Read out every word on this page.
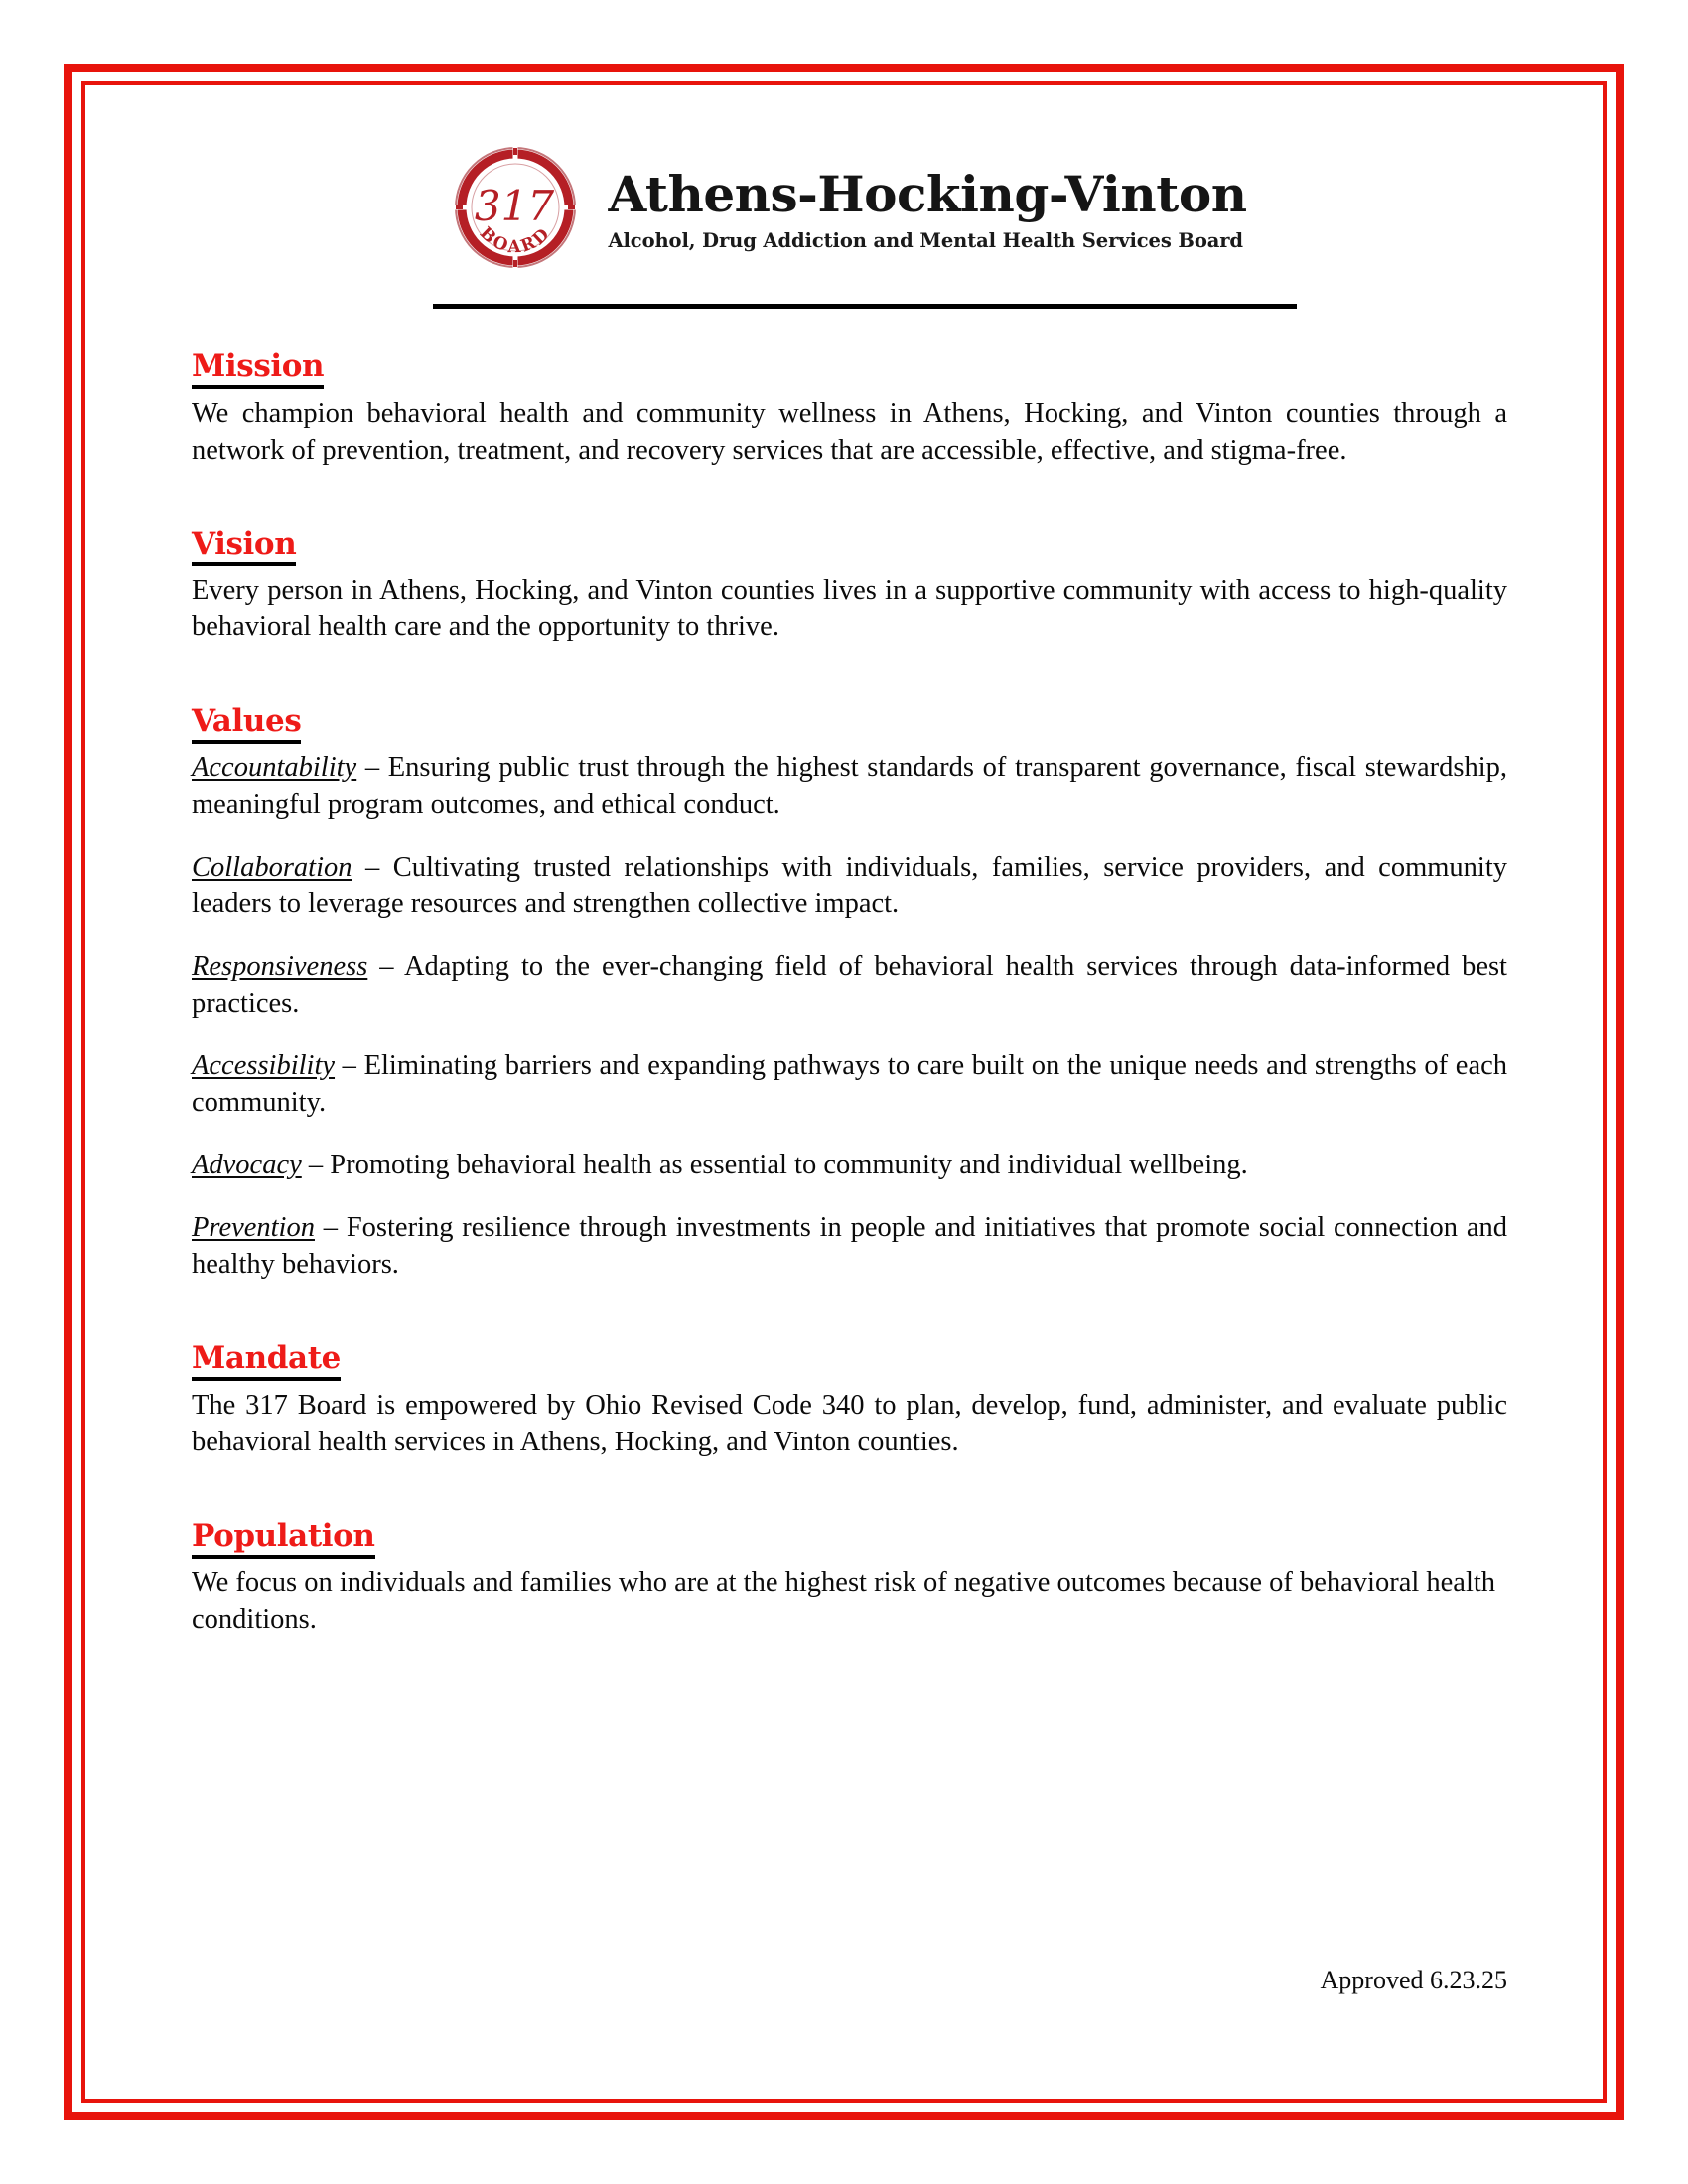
317
BOARD
Athens-Hocking-Vinton
Alcohol, Drug Addiction and Mental Health Services Board
Mission

We champion behavioral health and community wellness in Athens, Hocking, and Vinton counties through a network of prevention, treatment, and recovery services that are accessible, effective, and stigma-free.

Vision

Every person in Athens, Hocking, and Vinton counties lives in a supportive community with access to high-quality behavioral health care and the opportunity to thrive.

Values

Accountability – Ensuring public trust through the highest standards of transparent governance, fiscal stewardship, meaningful program outcomes, and ethical conduct.

Collaboration – Cultivating trusted relationships with individuals, families, service providers, and community leaders to leverage resources and strengthen collective impact.

Responsiveness – Adapting to the ever-changing field of behavioral health services through data-informed best practices.

Accessibility – Eliminating barriers and expanding pathways to care built on the unique needs and strengths of each community.

Advocacy – Promoting behavioral health as essential to community and individual wellbeing.

Prevention – Fostering resilience through investments in people and initiatives that promote social connection and healthy behaviors.

Mandate

The 317 Board is empowered by Ohio Revised Code 340 to plan, develop, fund, administer, and evaluate public behavioral health services in Athens, Hocking, and Vinton counties.

Population

We focus on individuals and families who are at the highest risk of negative outcomes because of behavioral health conditions.

Approved 6.23.25
